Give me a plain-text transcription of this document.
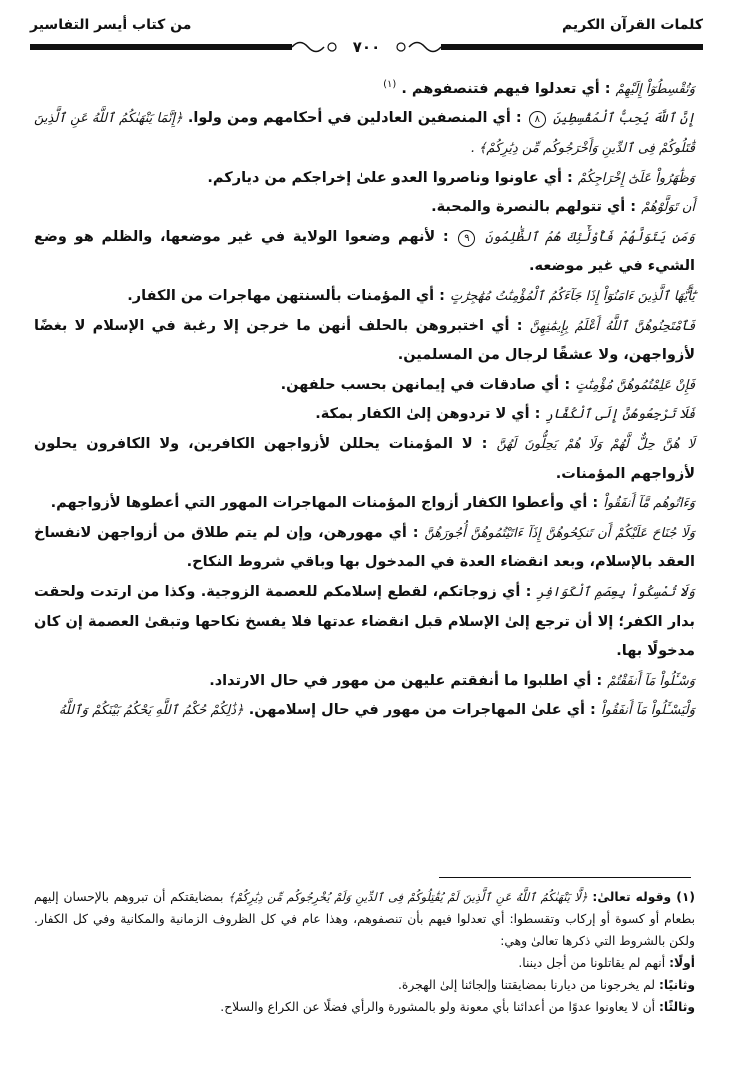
كلمات القرآن الكريم
من كتاب أيسر التفاسير
٧٠٠

وَتُقْسِطُوٓاْ إِلَيْهِمْ : أي تعدلوا فيهم فتنصفوهم . $^{(١)}$

إِنَّ ٱللَّهَ يُحِبُّ ٱلْمُقْسِطِينَ ٨ : أي المنصفين العادلين في أحكامهم ومن ولوا. ﴿إِنَّمَا يَنْهَىٰكُمُ ٱللَّهُ عَنِ ٱلَّذِينَ قَٰتَلُوكُمْ فِى ٱلدِّينِ وَأَخْرَجُوكُم مِّن دِيَٰرِكُمْ﴾ .

وَظَٰهَرُواْ عَلَىٰٓ إِخْرَاجِكُمْ : أي عاونوا وناصروا العدو علىٰ إخراجكم من دياركم.

أَن تَوَلَّوْهُمْ : أي تتولهم بالنصرة والمحبة.

وَمَن يَتَوَلَّهُمْ فَأُوْلَٰٓئِكَ هُمُ ٱلظَّٰلِمُونَ ٩ : لأنهم وضعوا الولاية في غير موضعها، والظلم هو وضع الشيء في غير موضعه.

يَٰٓأَيُّهَا ٱلَّذِينَ ءَامَنُوٓاْ إِذَا جَآءَكُمُ ٱلْمُؤْمِنَٰتُ مُهَٰجِرَٰتٍ : أي المؤمنات بألسنتهن مهاجرات من الكفار.

فَٱمْتَحِنُوهُنَّ ٱللَّهُ أَعْلَمُ بِإِيمَٰنِهِنَّ : أي اختبروهن بالحلف أنهن ما خرجن إلا رغبة في الإسلام لا بغضًا لأزواجهن، ولا عشقًا لرجال من المسلمين.

فَإِنْ عَلِمْتُمُوهُنَّ مُؤْمِنَٰتٍ : أي صادقات في إيمانهن بحسب حلفهن.

فَلَا تَرْجِعُوهُنَّ إِلَى ٱلْكُفَّارِ : أي لا تردوهن إلىٰ الكفار بمكة.

لَا هُنَّ حِلٌّ لَّهُمْ وَلَا هُمْ يَحِلُّونَ لَهُنَّ : لا المؤمنات يحللن لأزواجهن الكافرين، ولا الكافرون يحلون لأزواجهم المؤمنات.

وَءَاتُوهُم مَّآ أَنفَقُواْ : أي وأعطوا الكفار أزواج المؤمنات المهاجرات المهور التي أعطوها لأزواجهم.

وَلَا جُنَاحَ عَلَيْكُمْ أَن تَنكِحُوهُنَّ إِذَآ ءَاتَيْتُمُوهُنَّ أُجُورَهُنَّ : أي مهورهن، وإن لم يتم طلاق من أزواجهن لانفساخ العقد بالإسلام، وبعد انقضاء العدة في المدخول بها وباقي شروط النكاح.

وَلَا تُمْسِكُواْ بِعِصَمِ ٱلْكَوَافِرِ : أي زوجاتكم، لقطع إسلامكم للعصمة الزوجية. وكذا من ارتدت ولحقت بدار الكفر؛ إلا أن ترجع إلىٰ الإسلام قبل انقضاء عدتها فلا يفسخ نكاحها وتبقىٰ العصمة إن كان مدخولًا بها.

وَسْـَٔلُواْ مَآ أَنفَقْتُمْ : أي اطلبوا ما أنفقتم عليهن من مهور في حال الارتداد.

وَلْيَسْـَٔلُواْ مَآ أَنفَقُواْ : أي علىٰ المهاجرات من مهور في حال إسلامهن. ﴿ذَٰلِكُمْ حُكْمُ ٱللَّهِ يَحْكُمُ بَيْنَكُمْ وَٱللَّهُ

(١) وقوله تعالىٰ: ﴿لَّا يَنْهَىٰكُمُ ٱللَّهُ عَنِ ٱلَّذِينَ لَمْ يُقَٰتِلُوكُمْ فِى ٱلدِّينِ وَلَمْ يُخْرِجُوكُم مِّن دِيَٰرِكُمْ﴾ بمضايقتكم أن تبروهم بالإحسان إليهم بطعام أو كسوة أو إركاب وتقسطوا: أي تعدلوا فيهم بأن تنصفوهم، وهذا عام في كل الظروف الزمانية والمكانية وفي كل الكفار. ولكن بالشروط التي ذكرها تعالىٰ وهي:

أولًا: أنهم لم يقاتلونا من أجل ديننا.

وثانيًا: لم يخرجونا من ديارنا بمضايقتنا وإلجائنا إلىٰ الهجرة.

وثالثًا: أن لا يعاونوا عدوًا من أعدائنا بأي معونة ولو بالمشورة والرأي فضلًا عن الكراع والسلاح.
